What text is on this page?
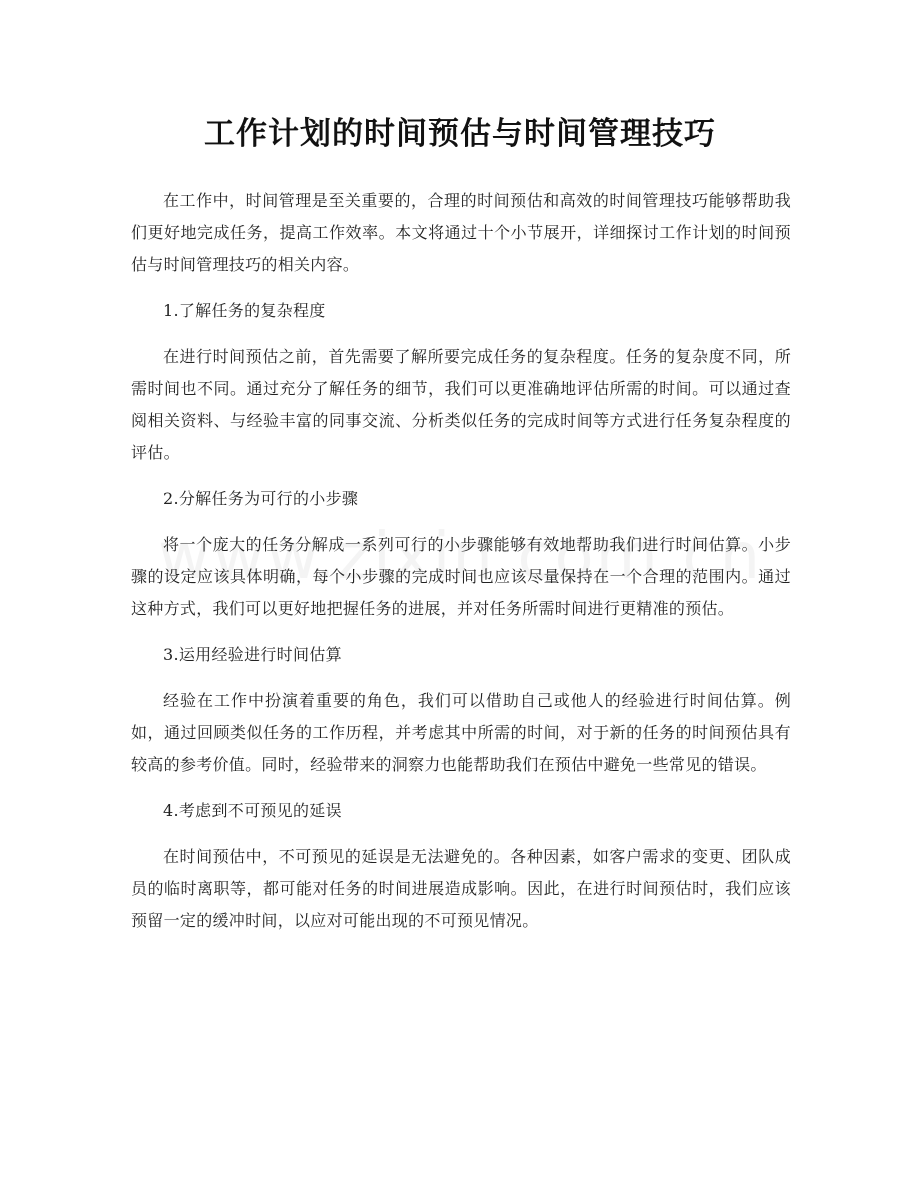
工作计划的时间预估与时间管理技巧

在工作中，时间管理是至关重要的，合理的时间预估和高效的时间管理技巧能够帮助我们更好地完成任务，提高工作效率。本文将通过十个小节展开，详细探讨工作计划的时间预估与时间管理技巧的相关内容。

1.了解任务的复杂程度

在进行时间预估之前，首先需要了解所要完成任务的复杂程度。任务的复杂度不同，所需时间也不同。通过充分了解任务的细节，我们可以更准确地评估所需的时间。可以通过查阅相关资料、与经验丰富的同事交流、分析类似任务的完成时间等方式进行任务复杂程度的评估。

2.分解任务为可行的小步骤

将一个庞大的任务分解成一系列可行的小步骤能够有效地帮助我们进行时间估算。小步骤的设定应该具体明确，每个小步骤的完成时间也应该尽量保持在一个合理的范围内。通过这种方式，我们可以更好地把握任务的进展，并对任务所需时间进行更精准的预估。

3.运用经验进行时间估算

经验在工作中扮演着重要的角色，我们可以借助自己或他人的经验进行时间估算。例如，通过回顾类似任务的工作历程，并考虑其中所需的时间，对于新的任务的时间预估具有较高的参考价值。同时，经验带来的洞察力也能帮助我们在预估中避免一些常见的错误。

4.考虑到不可预见的延误

在时间预估中，不可预见的延误是无法避免的。各种因素，如客户需求的变更、团队成员的临时离职等，都可能对任务的时间进展造成影响。因此，在进行时间预估时，我们应该预留一定的缓冲时间，以应对可能出现的不可预见情况。
